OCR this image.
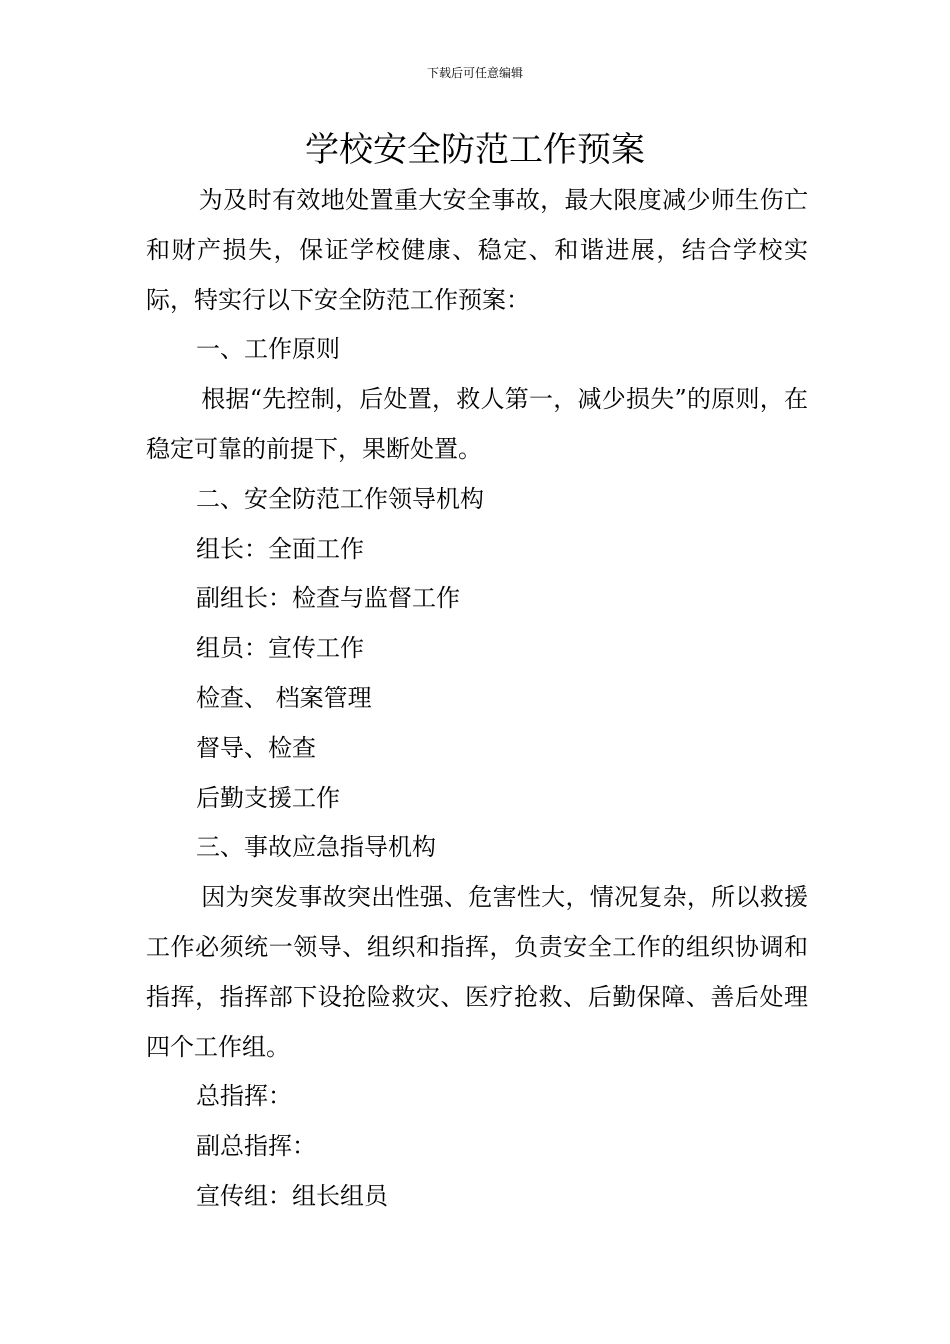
下载后可任意编辑
学校安全防范工作预案

为及时有效地处置重大安全事故，最大限度减少师生伤亡和财产损失，保证学校健康、稳定、和谐进展，结合学校实际，特实行以下安全防范工作预案：

一、工作原则

根据“先控制，后处置，救人第一，减少损失”的原则，在稳定可靠的前提下，果断处置。

二、安全防范工作领导机构

组长：全面工作

副组长：检查与监督工作

组员：宣传工作

检查、 档案管理

督导、检查

后勤支援工作

三、事故应急指导机构

因为突发事故突出性强、危害性大，情况复杂，所以救援工作必须统一领导、组织和指挥，负责安全工作的组织协调和指挥，指挥部下设抢险救灾、医疗抢救、后勤保障、善后处理四个工作组。

总指挥：

副总指挥：

宣传组：组长组员
